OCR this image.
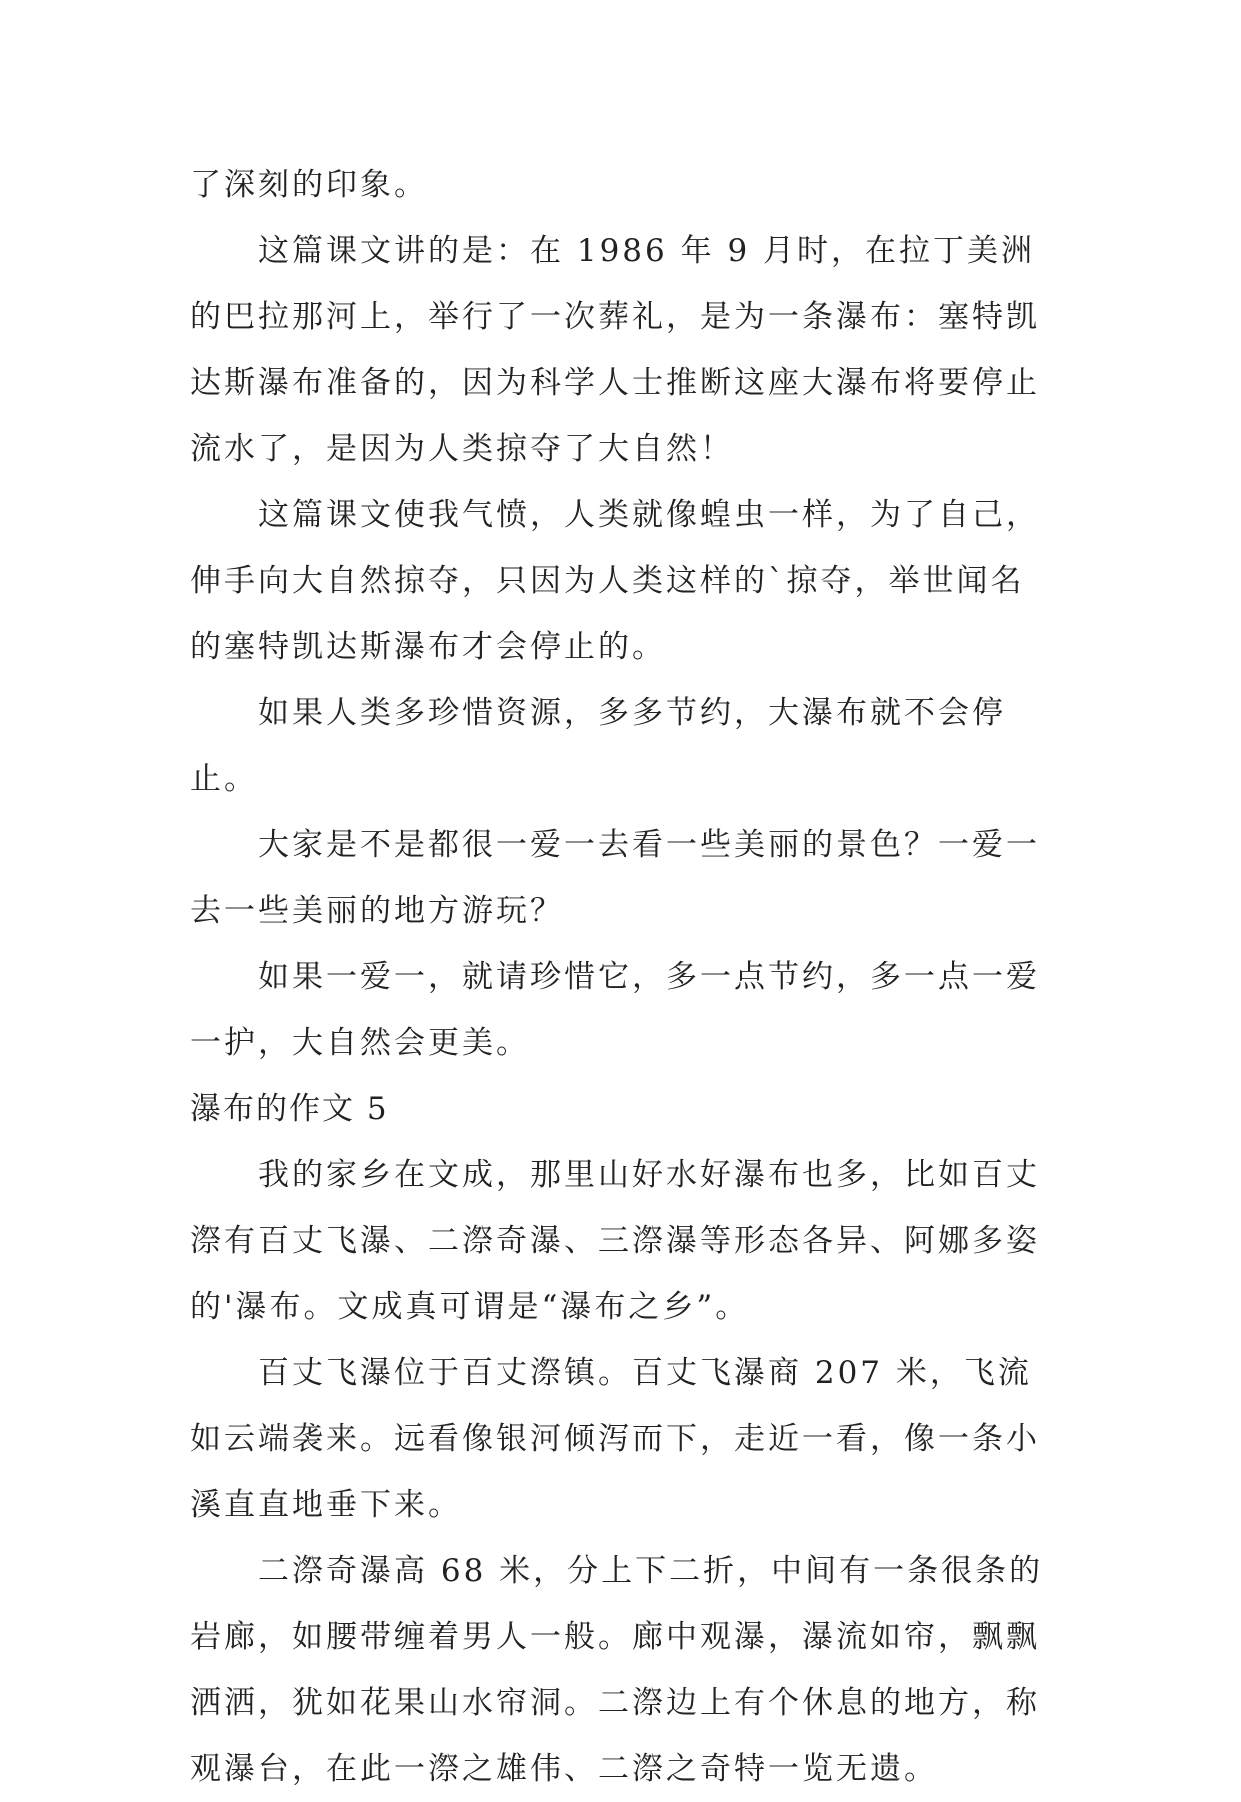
了深刻的印象。

这篇课文讲的是：在 1986 年 9 月时，在拉丁美洲的巴拉那河上，举行了一次葬礼，是为一条瀑布：塞特凯达斯瀑布准备的，因为科学人士推断这座大瀑布将要停止流水了，是因为人类掠夺了大自然！

这篇课文使我气愤，人类就像蝗虫一样，为了自己，伸手向大自然掠夺，只因为人类这样的`掠夺，举世闻名的塞特凯达斯瀑布才会停止的。

如果人类多珍惜资源，多多节约，大瀑布就不会停止。

大家是不是都很一爱一去看一些美丽的景色？一爱一去一些美丽的地方游玩？

如果一爱一，就请珍惜它，多一点节约，多一点一爱一护，大自然会更美。

瀑布的作文 5

我的家乡在文成，那里山好水好瀑布也多，比如百丈漈有百丈飞瀑、二漈奇瀑、三漈瀑等形态各异、阿娜多姿的'瀑布。文成真可谓是“瀑布之乡”。

百丈飞瀑位于百丈漈镇。百丈飞瀑商 207 米，飞流如云端袭来。远看像银河倾泻而下，走近一看，像一条小溪直直地垂下来。

二漈奇瀑高 68 米，分上下二折，中间有一条很条的岩廊，如腰带缠着男人一般。廊中观瀑，瀑流如帘，飘飘洒洒，犹如花果山水帘洞。二漈边上有个休息的地方，称观瀑台，在此一漈之雄伟、二漈之奇特一览无遗。
